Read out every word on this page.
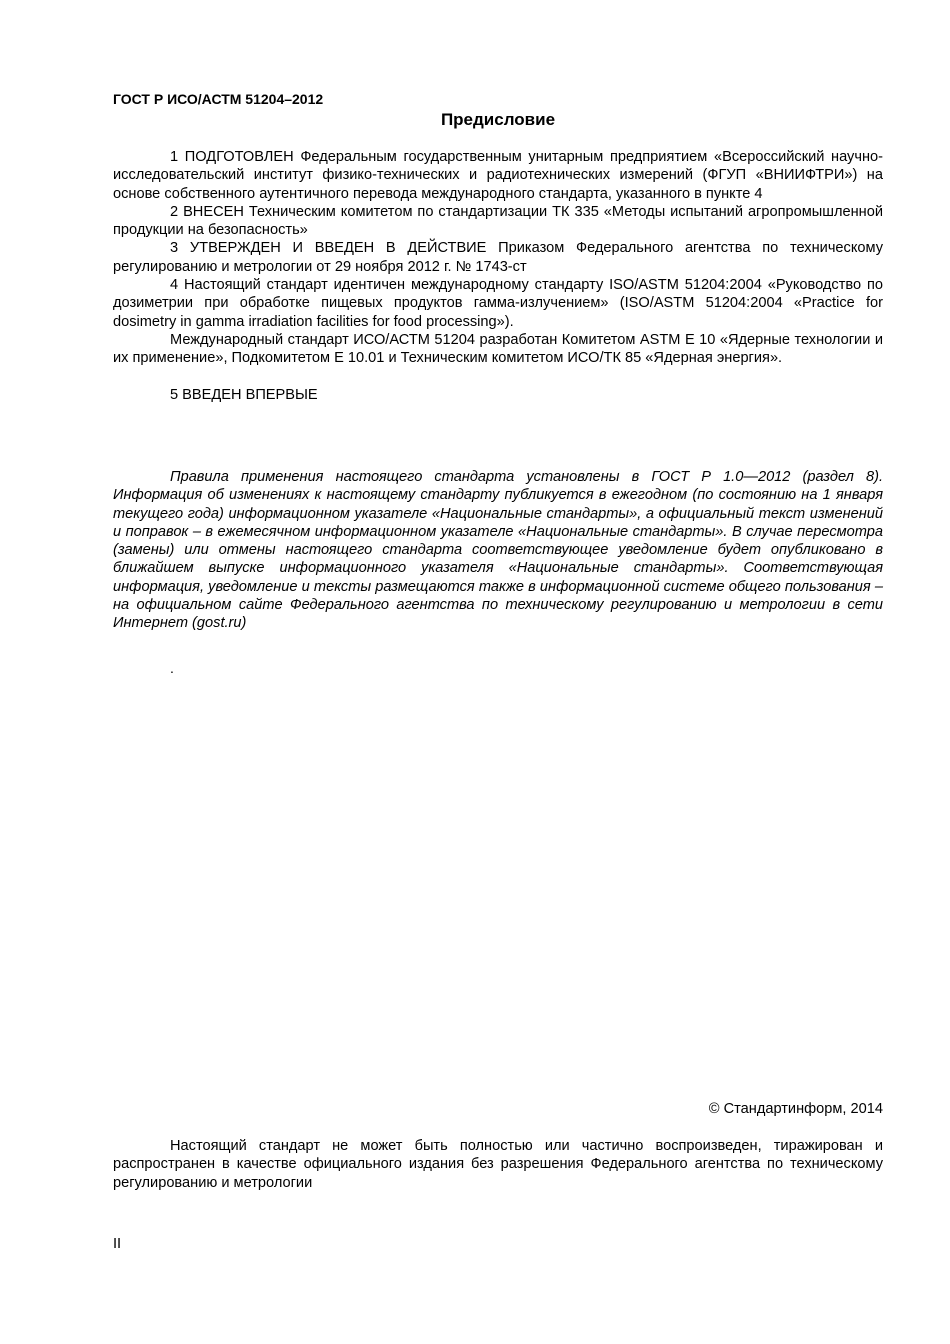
ГОСТ Р ИСО/АСТМ 51204–2012
Предисловие

1 ПОДГОТОВЛЕН Федеральным государственным унитарным предприятием «Всероссийский научно-исследовательский институт физико-технических и радиотехнических измерений (ФГУП «ВНИИФТРИ») на основе собственного аутентичного перевода международного стандарта, указанного в пункте 4

2 ВНЕСЕН Техническим комитетом по стандартизации ТК 335 «Методы испытаний агропромышленной продукции на безопасность»

3 УТВЕРЖДЕН И ВВЕДЕН В ДЕЙСТВИЕ Приказом Федерального агентства по техническому регулированию и метрологии от 29 ноября 2012 г. № 1743-ст

4 Настоящий стандарт идентичен международному стандарту ISO/ASTM 51204:2004 «Руководство по дозиметрии при обработке пищевых продуктов гамма-излучением» (ISO/ASTM 51204:2004 «Practice for dosimetry in gamma irradiation facilities for food processing»).

Международный стандарт ИСО/АСТМ 51204 разработан Комитетом ASTM E 10 «Ядерные технологии и их применение», Подкомитетом E 10.01 и Техническим комитетом ИСО/ТК 85 «Ядерная энергия».

5 ВВЕДЕН ВПЕРВЫЕ

Правила применения настоящего стандарта установлены в ГОСТ Р 1.0—2012 (раздел 8). Информация об изменениях к настоящему стандарту публикуется в ежегодном (по состоянию на 1 января текущего года) информационном указателе «Национальные стандарты», а официальный текст изменений и поправок – в ежемесячном информационном указателе «Национальные стандарты». В случае пересмотра (замены) или отмены настоящего стандарта соответствующее уведомление будет опубликовано в ближайшем выпуске информационного указателя «Национальные стандарты». Соответствующая информация, уведомление и тексты размещаются также в информационной системе общего пользования – на официальном сайте Федерального агентства по техническому регулированию и метрологии в сети Интернет (gost.ru)

.
© Стандартинформ, 2014

Настоящий стандарт не может быть полностью или частично воспроизведен, тиражирован и распространен в качестве официального издания без разрешения Федерального агентства по техническому регулированию и метрологии

II
